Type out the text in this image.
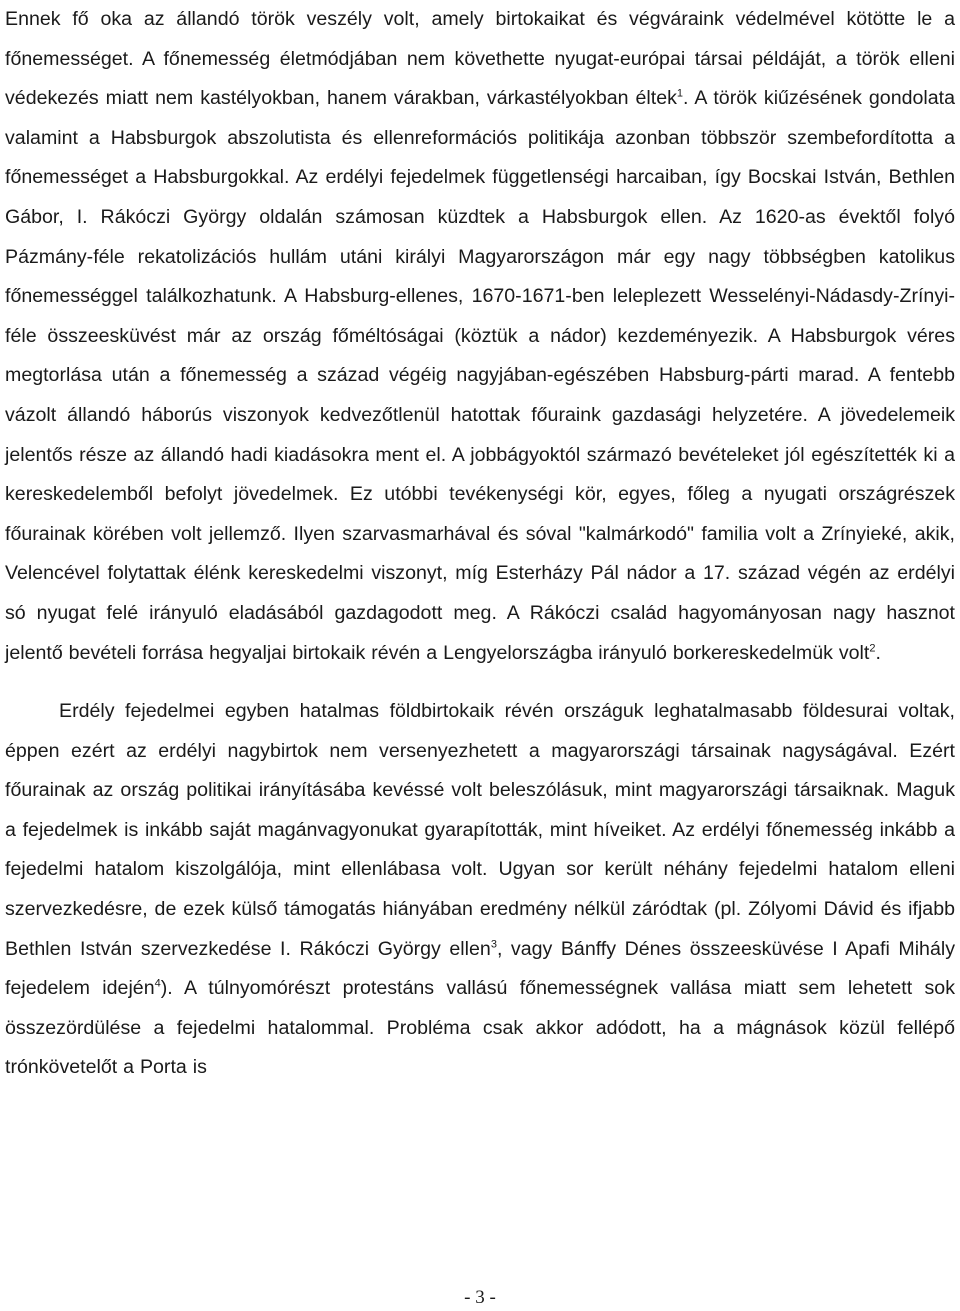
Ennek fő oka az állandó török veszély volt, amely birtokaikat és végváraink védelmével kötötte le a főnemességet. A főnemesség életmódjában nem követhette nyugat-európai társai példáját, a török elleni védekezés miatt nem kastélyokban, hanem várakban, várkastélyokban éltek$^1$. A török kiűzésének gondolata valamint a Habsburgok abszolutista és ellenreformációs politikája azonban többször szembefordította a főnemességet a Habsburgokkal. Az erdélyi fejedelmek függetlenségi harcaiban, így Bocskai István, Bethlen Gábor, I. Rákóczi György oldalán számosan küzdtek a Habsburgok ellen. Az 1620-as évektől folyó Pázmány-féle rekatolizációs hullám utáni királyi Magyarországon már egy nagy többségben katolikus főnemességgel találkozhatunk. A Habsburg-ellenes, 1670-1671-ben leleplezett Wesselényi-Nádasdy-Zrínyi-féle összeesküvést már az ország főméltóságai (köztük a nádor) kezdeményezik. A Habsburgok véres megtorlása után a főnemesség a század végéig nagyjában-egészében Habsburg-párti marad. A fentebb vázolt állandó háborús viszonyok kedvezőtlenül hatottak főuraink gazdasági helyzetére. A jövedelemeik jelentős része az állandó hadi kiadásokra ment el. A jobbágyoktól származó bevételeket jól egészítették ki a kereskedelemből befolyt jövedelmek. Ez utóbbi tevékenységi kör, egyes, főleg a nyugati országrészek főurainak körében volt jellemző. Ilyen szarvasmarhával és sóval "kalmárkodó" familia volt a Zrínyieké, akik, Velencével folytattak élénk kereskedelmi viszonyt, míg Esterházy Pál nádor a 17. század végén az erdélyi só nyugat felé irányuló eladásából gazdagodott meg. A Rákóczi család hagyományosan nagy hasznot jelentő bevételi forrása hegyaljai birtokaik révén a Lengyelországba irányuló borkereskedelmük volt$^2$.

Erdély fejedelmei egyben hatalmas földbirtokaik révén országuk leghatalmasabb földesurai voltak, éppen ezért az erdélyi nagybirtok nem versenyezhetett a magyarországi társainak nagyságával. Ezért főurainak az ország politikai irányításába kevéssé volt beleszólásuk, mint magyarországi társaiknak. Maguk a fejedelmek is inkább saját magánvagyonukat gyarapították, mint híveiket. Az erdélyi főnemesség inkább a fejedelmi hatalom kiszolgálója, mint ellenlábasa volt. Ugyan sor került néhány fejedelmi hatalom elleni szervezkedésre, de ezek külső támogatás hiányában eredmény nélkül záródtak (pl. Zólyomi Dávid és ifjabb Bethlen István szervezkedése I. Rákóczi György ellen$^3$, vagy Bánffy Dénes összeesküvése I Apafi Mihály fejedelem idején$^4$). A túlnyomórészt protestáns vallású főnemességnek vallása miatt sem lehetett sok összezördülése a fejedelmi hatalommal. Probléma csak akkor adódott, ha a mágnások közül fellépő trónkövetelőt a Porta is

- 3 -
